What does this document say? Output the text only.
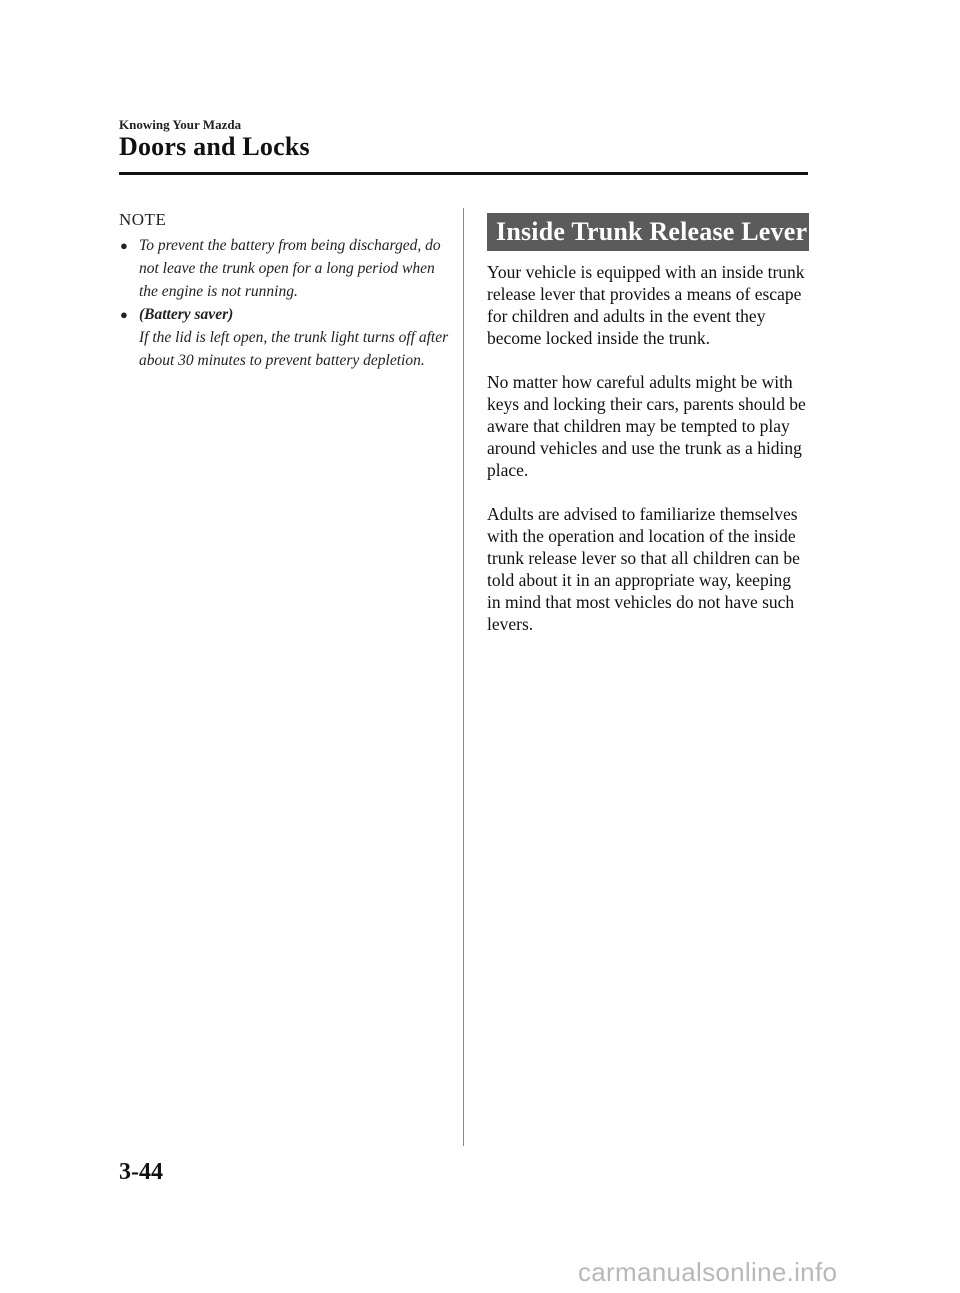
Knowing Your Mazda
Doors and Locks
NOTE
● To prevent the battery from being discharged, do not leave the trunk open for a long period when the engine is not running.
● (Battery saver)
If the lid is left open, the trunk light turns off after about 30 minutes to prevent battery depletion.
Inside Trunk Release Lever

Your vehicle is equipped with an inside trunk release lever that provides a means of escape for children and adults in the event they become locked inside the trunk.

No matter how careful adults might be with keys and locking their cars, parents should be aware that children may be tempted to play around vehicles and use the trunk as a hiding place.

Adults are advised to familiarize themselves with the operation and location of the inside trunk release lever so that all children can be told about it in an appropriate way, keeping in mind that most vehicles do not have such levers.

3-44
carmanualsonline.info
